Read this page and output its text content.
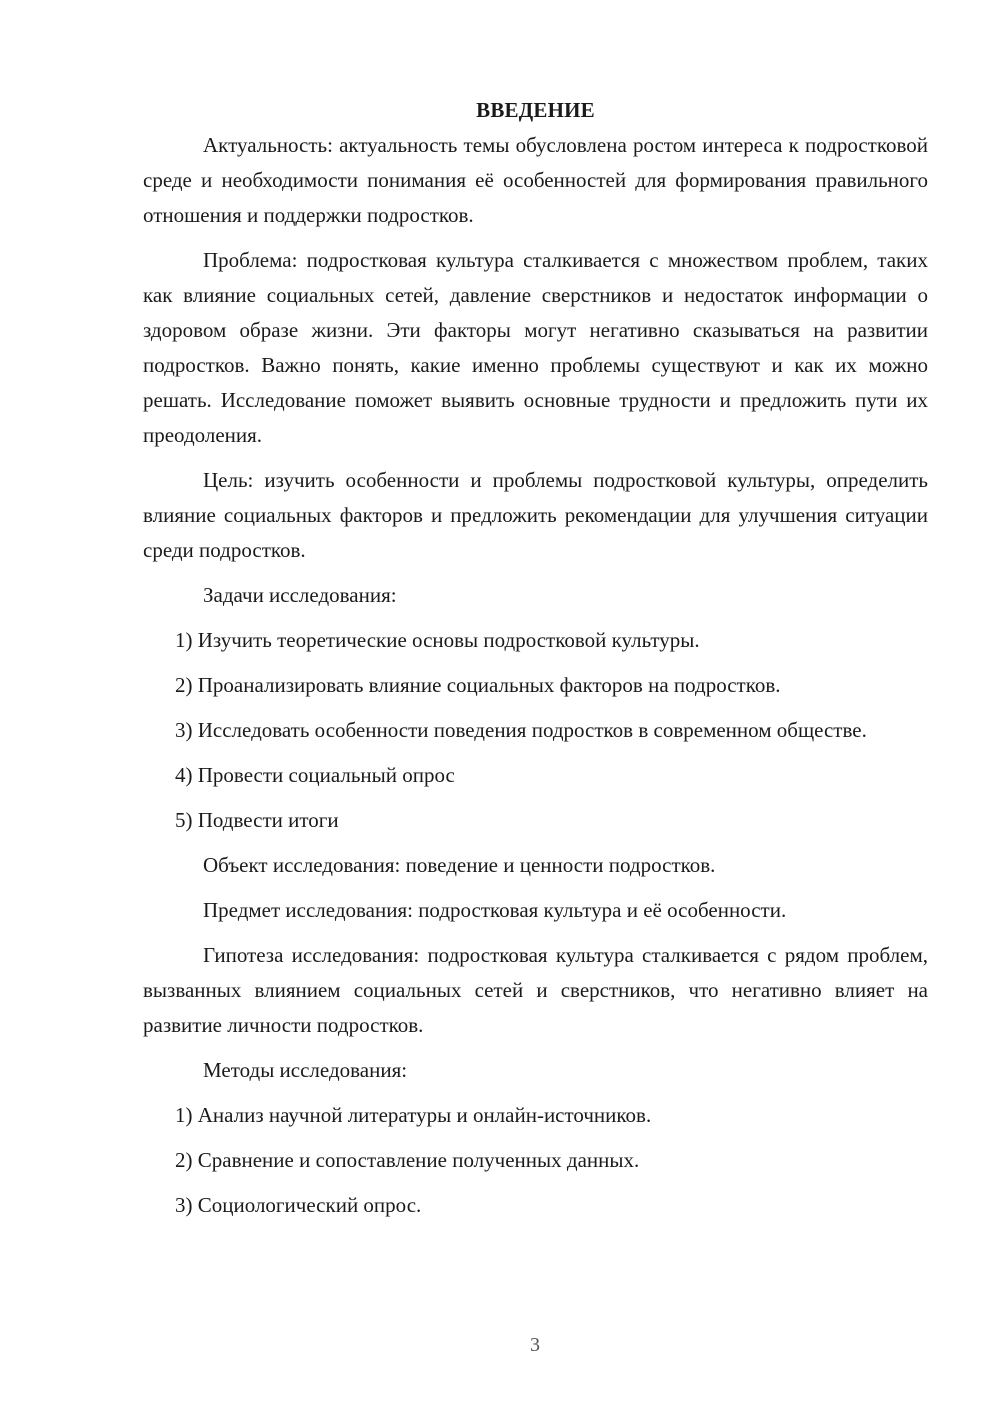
ВВЕДЕНИЕ

Актуальность: актуальность темы обусловлена ростом интереса к подростковой среде и необходимости понимания её особенностей для формирования правильного отношения и поддержки подростков.

Проблема: подростковая культура сталкивается с множеством проблем, таких как влияние социальных сетей, давление сверстников и недостаток информации о здоровом образе жизни. Эти факторы могут негативно сказываться на развитии подростков. Важно понять, какие именно проблемы существуют и как их можно решать. Исследование поможет выявить основные трудности и предложить пути их преодоления.

Цель: изучить особенности и проблемы подростковой культуры, определить влияние социальных факторов и предложить рекомендации для улучшения ситуации среди подростков.

Задачи исследования:

1) Изучить теоретические основы подростковой культуры.

2) Проанализировать влияние социальных факторов на подростков.

3) Исследовать особенности поведения подростков в современном обществе.

4) Провести социальный опрос

5) Подвести итоги

Объект исследования: поведение и ценности подростков.

Предмет исследования: подростковая культура и её особенности.

Гипотеза исследования: подростковая культура сталкивается с рядом проблем, вызванных влиянием социальных сетей и сверстников, что негативно влияет на развитие личности подростков.

Методы исследования:

1) Анализ научной литературы и онлайн-источников.

2) Сравнение и сопоставление полученных данных.

3) Социологический опрос.

3
